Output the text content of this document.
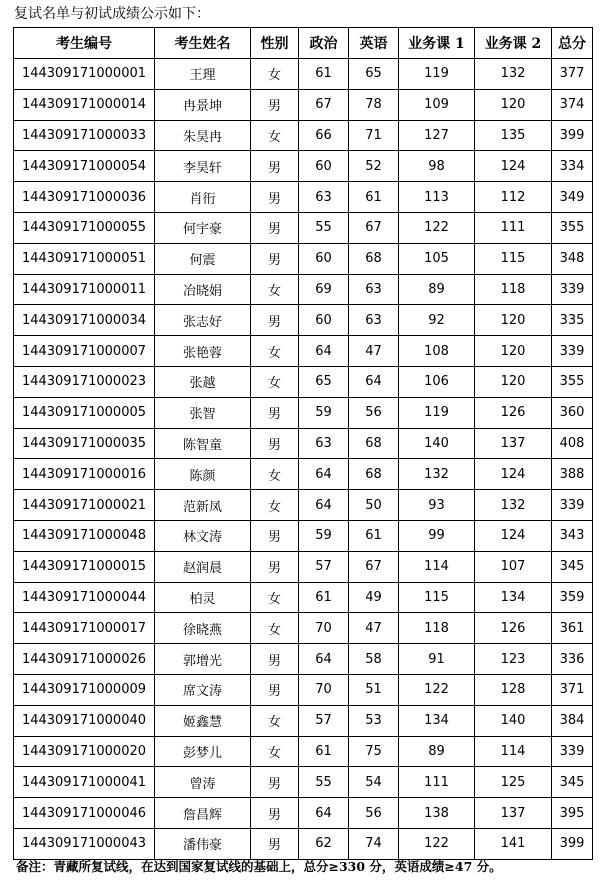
复试名单与初试成绩公示如下：
考生编号	考生姓名	性别	政治	英语	业务课 1	业务课 2	总分
144309171000001	王理	女	61	65	119	132	377
144309171000014	冉景坤	男	67	78	109	120	374
144309171000033	朱昊冉	女	66	71	127	135	399
144309171000054	李昊轩	男	60	52	98	124	334
144309171000036	肖衎	男	63	61	113	112	349
144309171000055	何宇豪	男	55	67	122	111	355
144309171000051	何震	男	60	68	105	115	348
144309171000011	冶晓娟	女	69	63	89	118	339
144309171000034	张志好	男	60	63	92	120	335
144309171000007	张艳蓉	女	64	47	108	120	339
144309171000023	张越	女	65	64	106	120	355
144309171000005	张智	男	59	56	119	126	360
144309171000035	陈智童	男	63	68	140	137	408
144309171000016	陈颜	女	64	68	132	124	388
144309171000021	范新凤	女	64	50	93	132	339
144309171000048	林文涛	男	59	61	99	124	343
144309171000015	赵润晨	男	57	67	114	107	345
144309171000044	柏灵	女	61	49	115	134	359
144309171000017	徐晓燕	女	70	47	118	126	361
144309171000026	郭增光	男	64	58	91	123	336
144309171000009	席文涛	男	70	51	122	128	371
144309171000040	姬鑫慧	女	57	53	134	140	384
144309171000020	彭梦儿	女	61	75	89	114	339
144309171000041	曾涛	男	55	54	111	125	345
144309171000046	詹昌辉	男	64	56	138	137	395
144309171000043	潘伟豪	男	62	74	122	141	399
备注：青藏所复试线，在达到国家复试线的基础上，总分≥330 分，英语成绩≥47 分。
